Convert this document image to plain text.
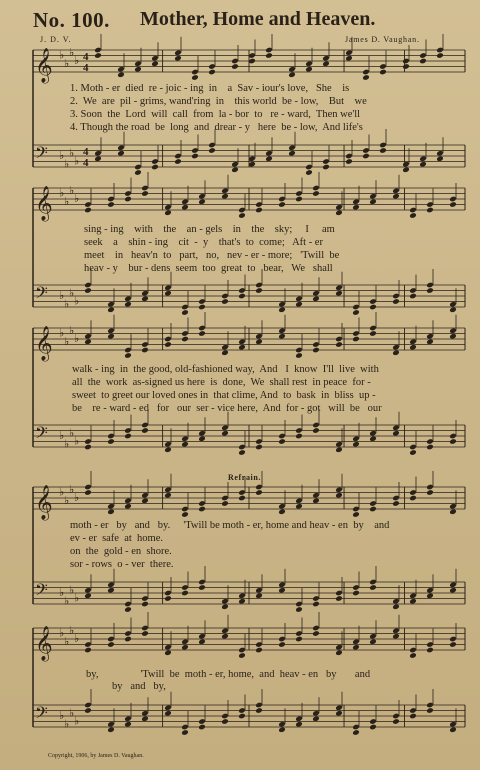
No. 100. Mother, Home and Heaven.
J. D. V.	James D. Vaughan.
𝄞 ♭
♭
♭
♭ 4
4
𝄢 ♭
♭
♭
♭
4
4
𝄞 ♭
♭
♭
♭
𝄢 ♭
♭
♭
♭
𝄞 ♭
♭
♭
♭
𝄢 ♭
♭
♭
♭
𝄞 ♭
♭
♭
♭
𝄢 ♭
♭
♭
♭
𝄞 ♭
♭
♭
♭
𝄢 ♭
♭
♭
♭
1. Moth - er  died  re - joic - ing  in    a  Sav - iour's love,   She    is
2.  We  are  pil - grims, wand'ring  in    this world  be - low,    But    we
3. Soon  the  Lord  will  call  from  la - bor  to   re - ward,  Then we'll
4. Though the road  be  long  and  drear - y   here  be - low,  And life's
sing - ing    with    the    an - gels    in    the    sky;     I     am
seek    a    shin - ing    cit  -  y    that's  to  come;   Aft - er
meet    in   heav'n  to   part,   no,   nev - er - more;   'Twill  be
heav - y    bur - dens  seem  too  great  to   bear,   We   shall
walk - ing  in  the good, old-fashioned way,  And   I  know  I'll  live  with
all  the  work  as-signed us here  is  done,  We  shall rest  in peace  for -
sweet  to greet our loved ones in  that clime, And  to  bask  in  bliss  up -
be    re - ward - ed   for   our  ser - vice here,  And  for - got   will  be   our
Refrain.
moth - er   by   and   by.     'Twill be moth - er, home and heav - en  by    and
ev - er  safe  at  home.
on  the  gold - en  shore.
sor - rows  o - ver  there.
by,                'Twill  be  moth - er, home,  and  heav - en   by       and
by   and   by,
Copyright, 1906, by James D. Vaughan.
